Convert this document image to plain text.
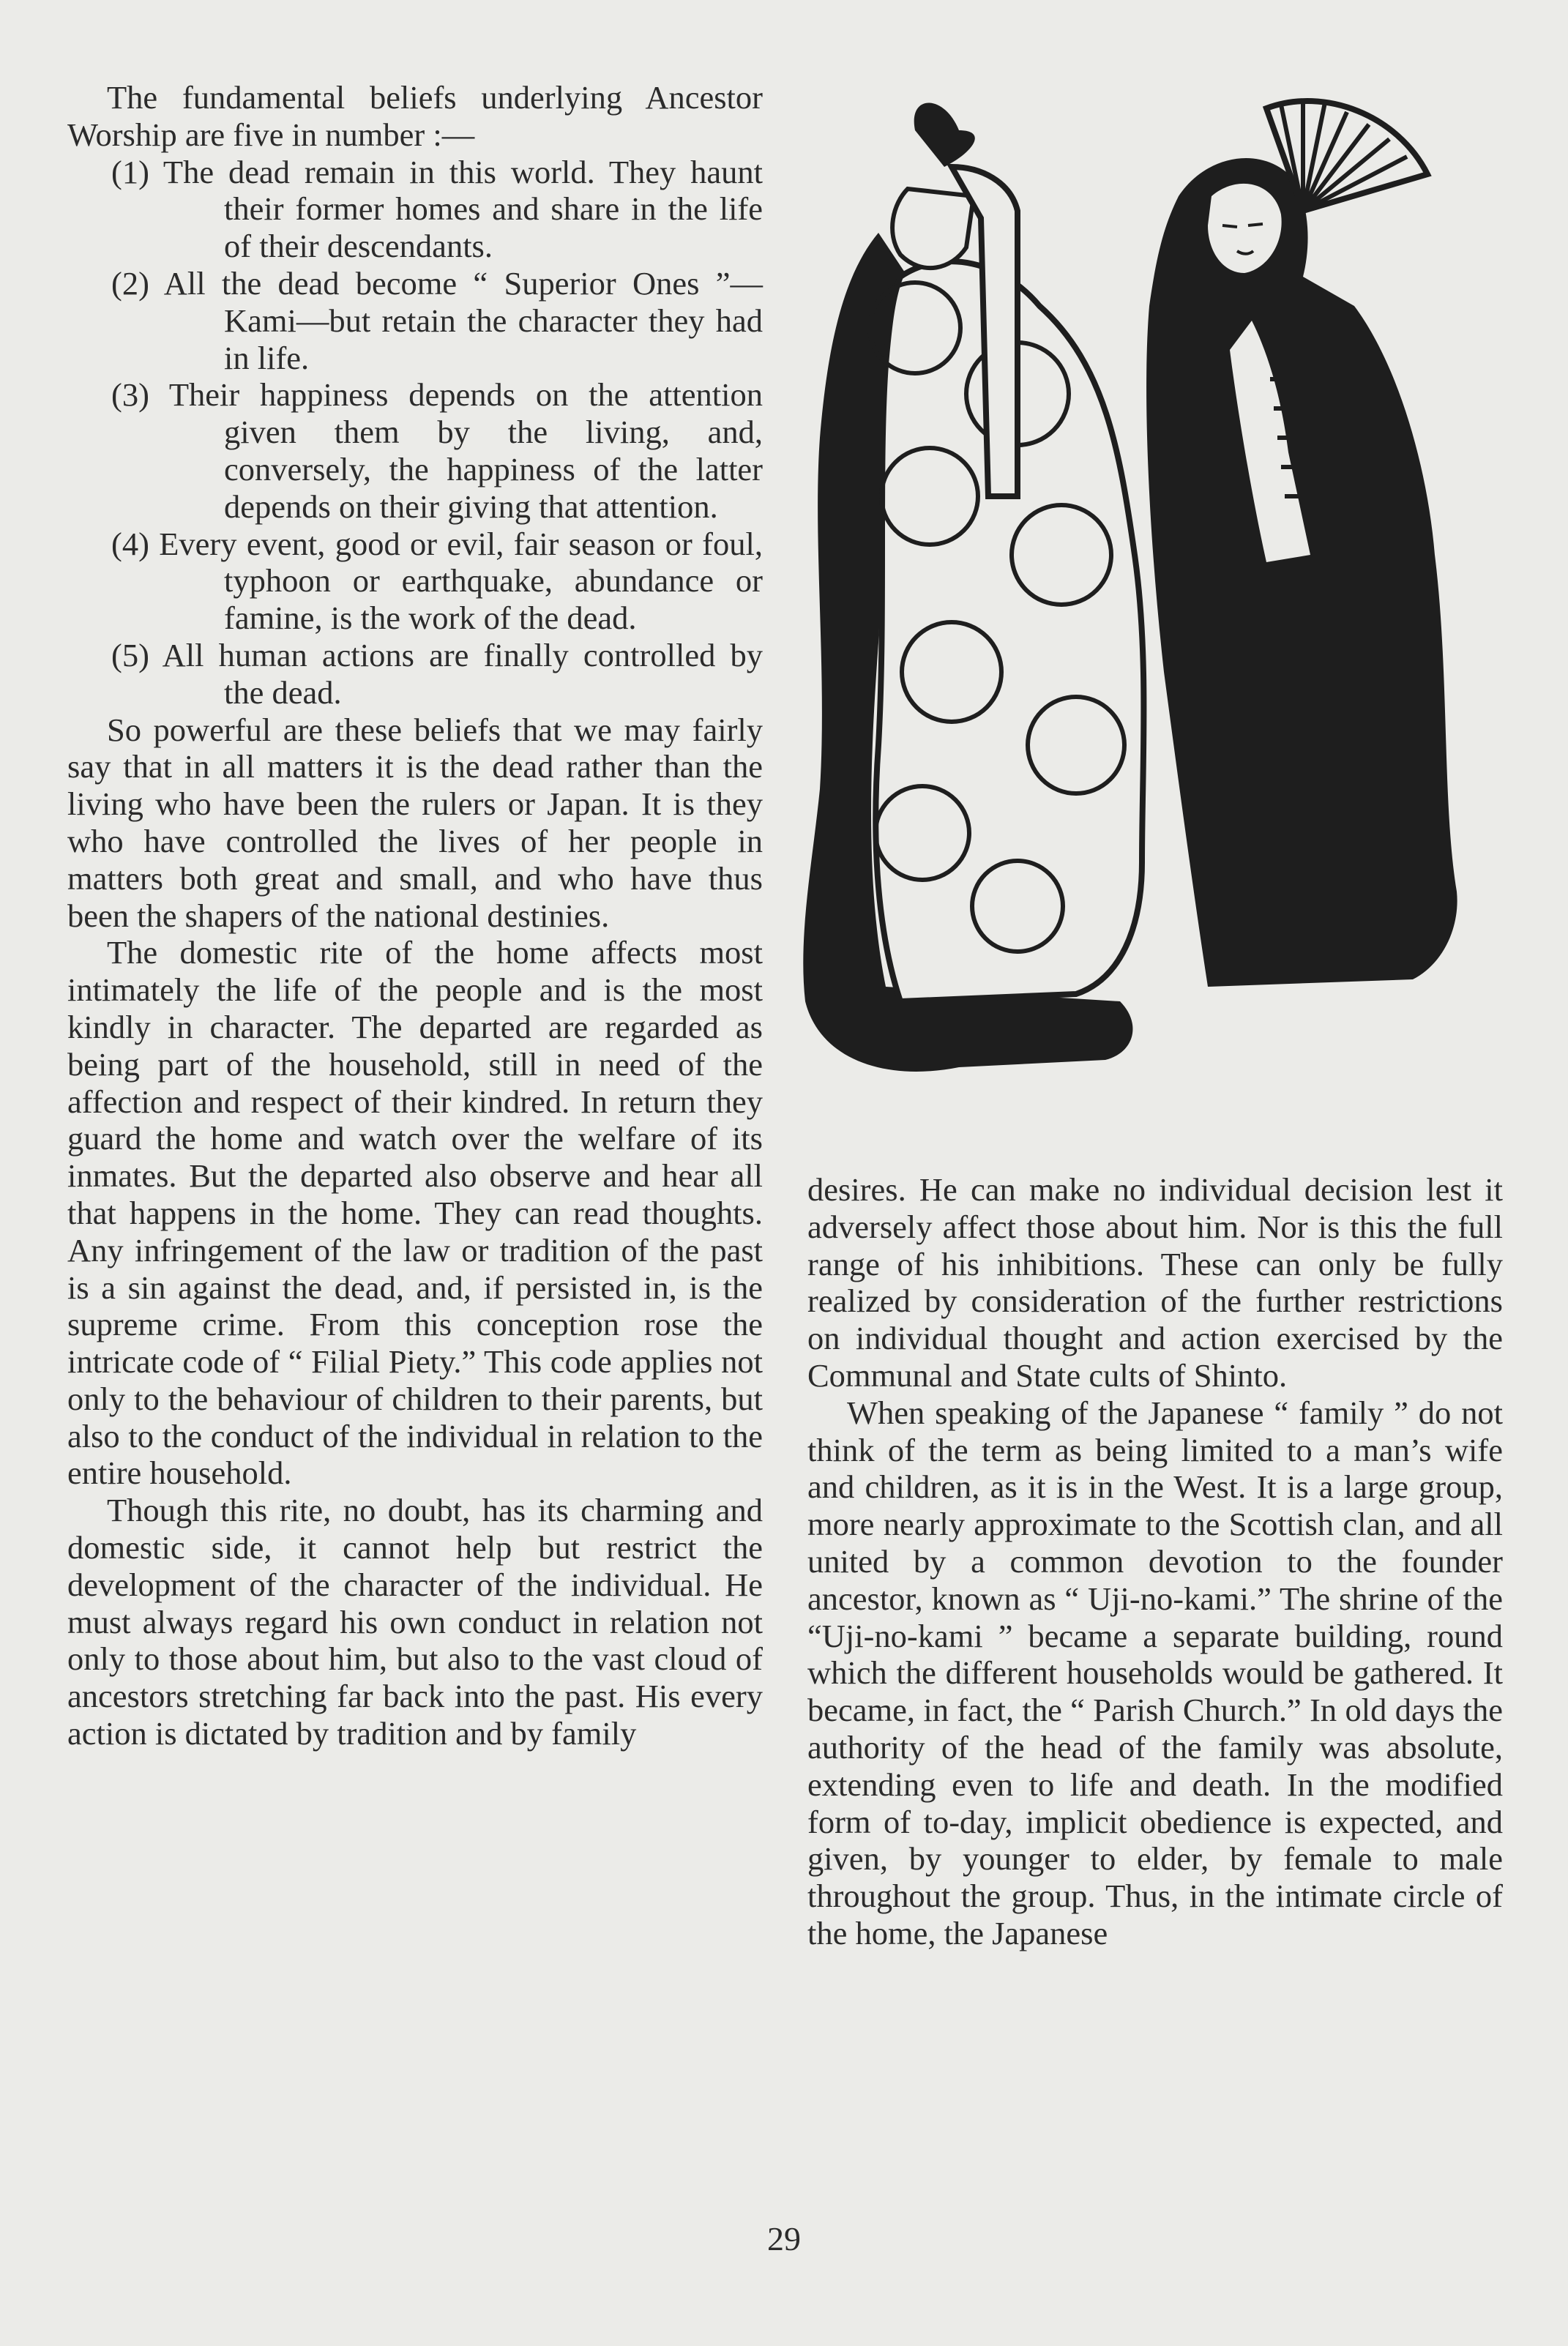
The fundamental beliefs underlying Ancestor Worship are five in number :—

(1) The dead remain in this world. They haunt their former homes and share in the life of their descendants.
(2) All the dead become “ Superior Ones ”—Kami—but retain the character they had in life.
(3) Their happiness depends on the attention given them by the living, and, conversely, the happiness of the latter depends on their giving that attention.
(4) Every event, good or evil, fair season or foul, typhoon or earthquake, abundance or famine, is the work of the dead.
(5) All human actions are finally controlled by the dead.

So powerful are these beliefs that we may fairly say that in all matters it is the dead rather than the living who have been the rulers or Japan. It is they who have controlled the lives of her people in matters both great and small, and who have thus been the shapers of the national destinies.

The domestic rite of the home affects most intimately the life of the people and is the most kindly in character. The departed are regarded as being part of the household, still in need of the affection and respect of their kindred. In return they guard the home and watch over the welfare of its inmates. But the departed also observe and hear all that happens in the home. They can read thoughts. Any infringement of the law or tradition of the past is a sin against the dead, and, if persisted in, is the supreme crime. From this conception rose the intricate code of “ Filial Piety.” This code applies not only to the behaviour of children to their parents, but also to the conduct of the individual in relation to the entire household.

Though this rite, no doubt, has its charming and domestic side, it cannot help but restrict the development of the character of the individual. He must always regard his own conduct in relation not only to those about him, but also to the vast cloud of ancestors stretching far back into the past. His every action is dictated by tradition and by family

desires. He can make no individual decision lest it adversely affect those about him. Nor is this the full range of his inhibitions. These can only be fully realized by consideration of the further restrictions on individual thought and action exercised by the Communal and State cults of Shinto.

When speaking of the Japanese “ family ” do not think of the term as being limited to a man’s wife and children, as it is in the West. It is a large group, more nearly approximate to the Scottish clan, and all united by a common devotion to the founder ancestor, known as “ Uji-no-kami.” The shrine of the “Uji-no-kami ” became a separate building, round which the different households would be gathered. It became, in fact, the “ Parish Church.” In old days the authority of the head of the family was absolute, extending even to life and death. In the modified form of to-day, implicit obedience is expected, and given, by younger to elder, by female to male throughout the group. Thus, in the intimate circle of the home, the Japanese

29
